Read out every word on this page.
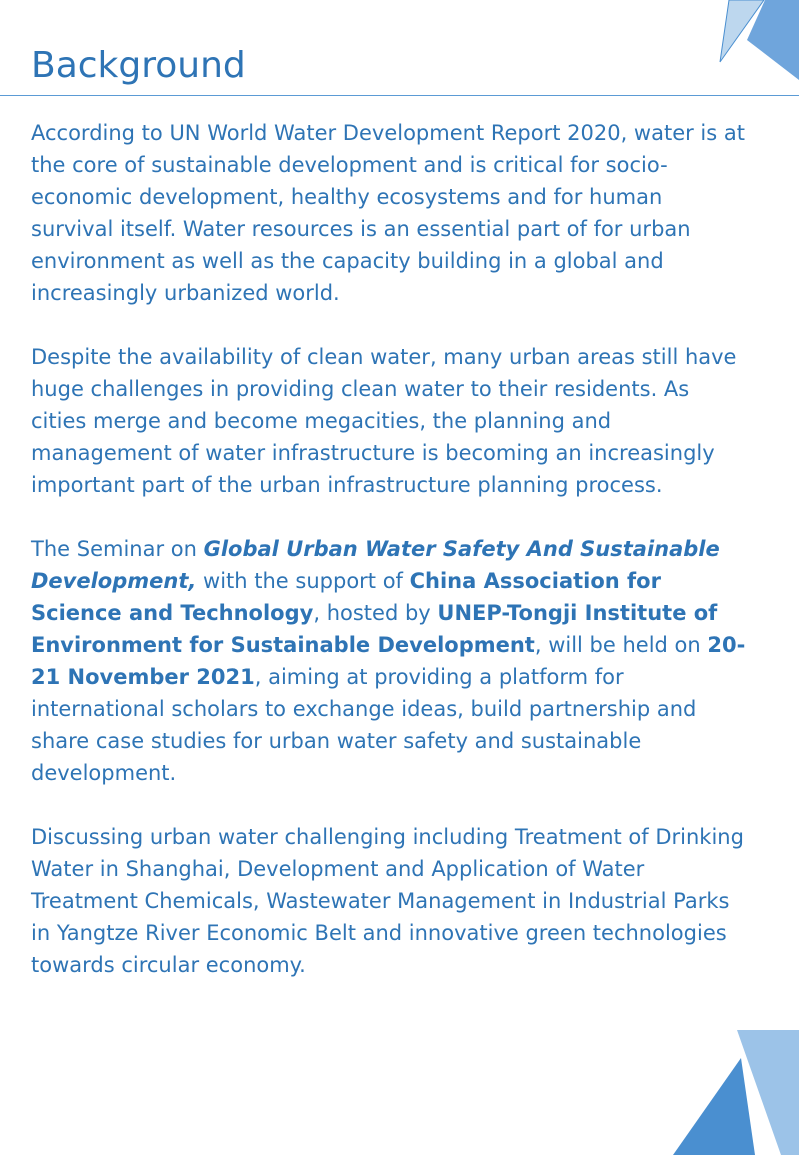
Background

According to UN World Water Development Report 2020, water is at the core of sustainable development and is critical for socio-economic development, healthy ecosystems and for human survival itself. Water resources is an essential part of for urban environment as well as the capacity building in a global and increasingly urbanized world.

Despite the availability of clean water, many urban areas still have huge challenges in providing clean water to their residents. As cities merge and become megacities, the planning and management of water infrastructure is becoming an increasingly important part of the urban infrastructure planning process.

The Seminar on Global Urban Water Safety And Sustainable Development, with the support of China Association for Science and Technology, hosted by UNEP-Tongji Institute of Environment for Sustainable Development, will be held on 20-21 November 2021, aiming at providing a platform for international scholars to exchange ideas, build partnership and share case studies for urban water safety and sustainable development.

Discussing urban water challenging including Treatment of Drinking Water in Shanghai, Development and Application of Water Treatment Chemicals, Wastewater Management in Industrial Parks in Yangtze River Economic Belt and innovative green technologies towards circular economy.
